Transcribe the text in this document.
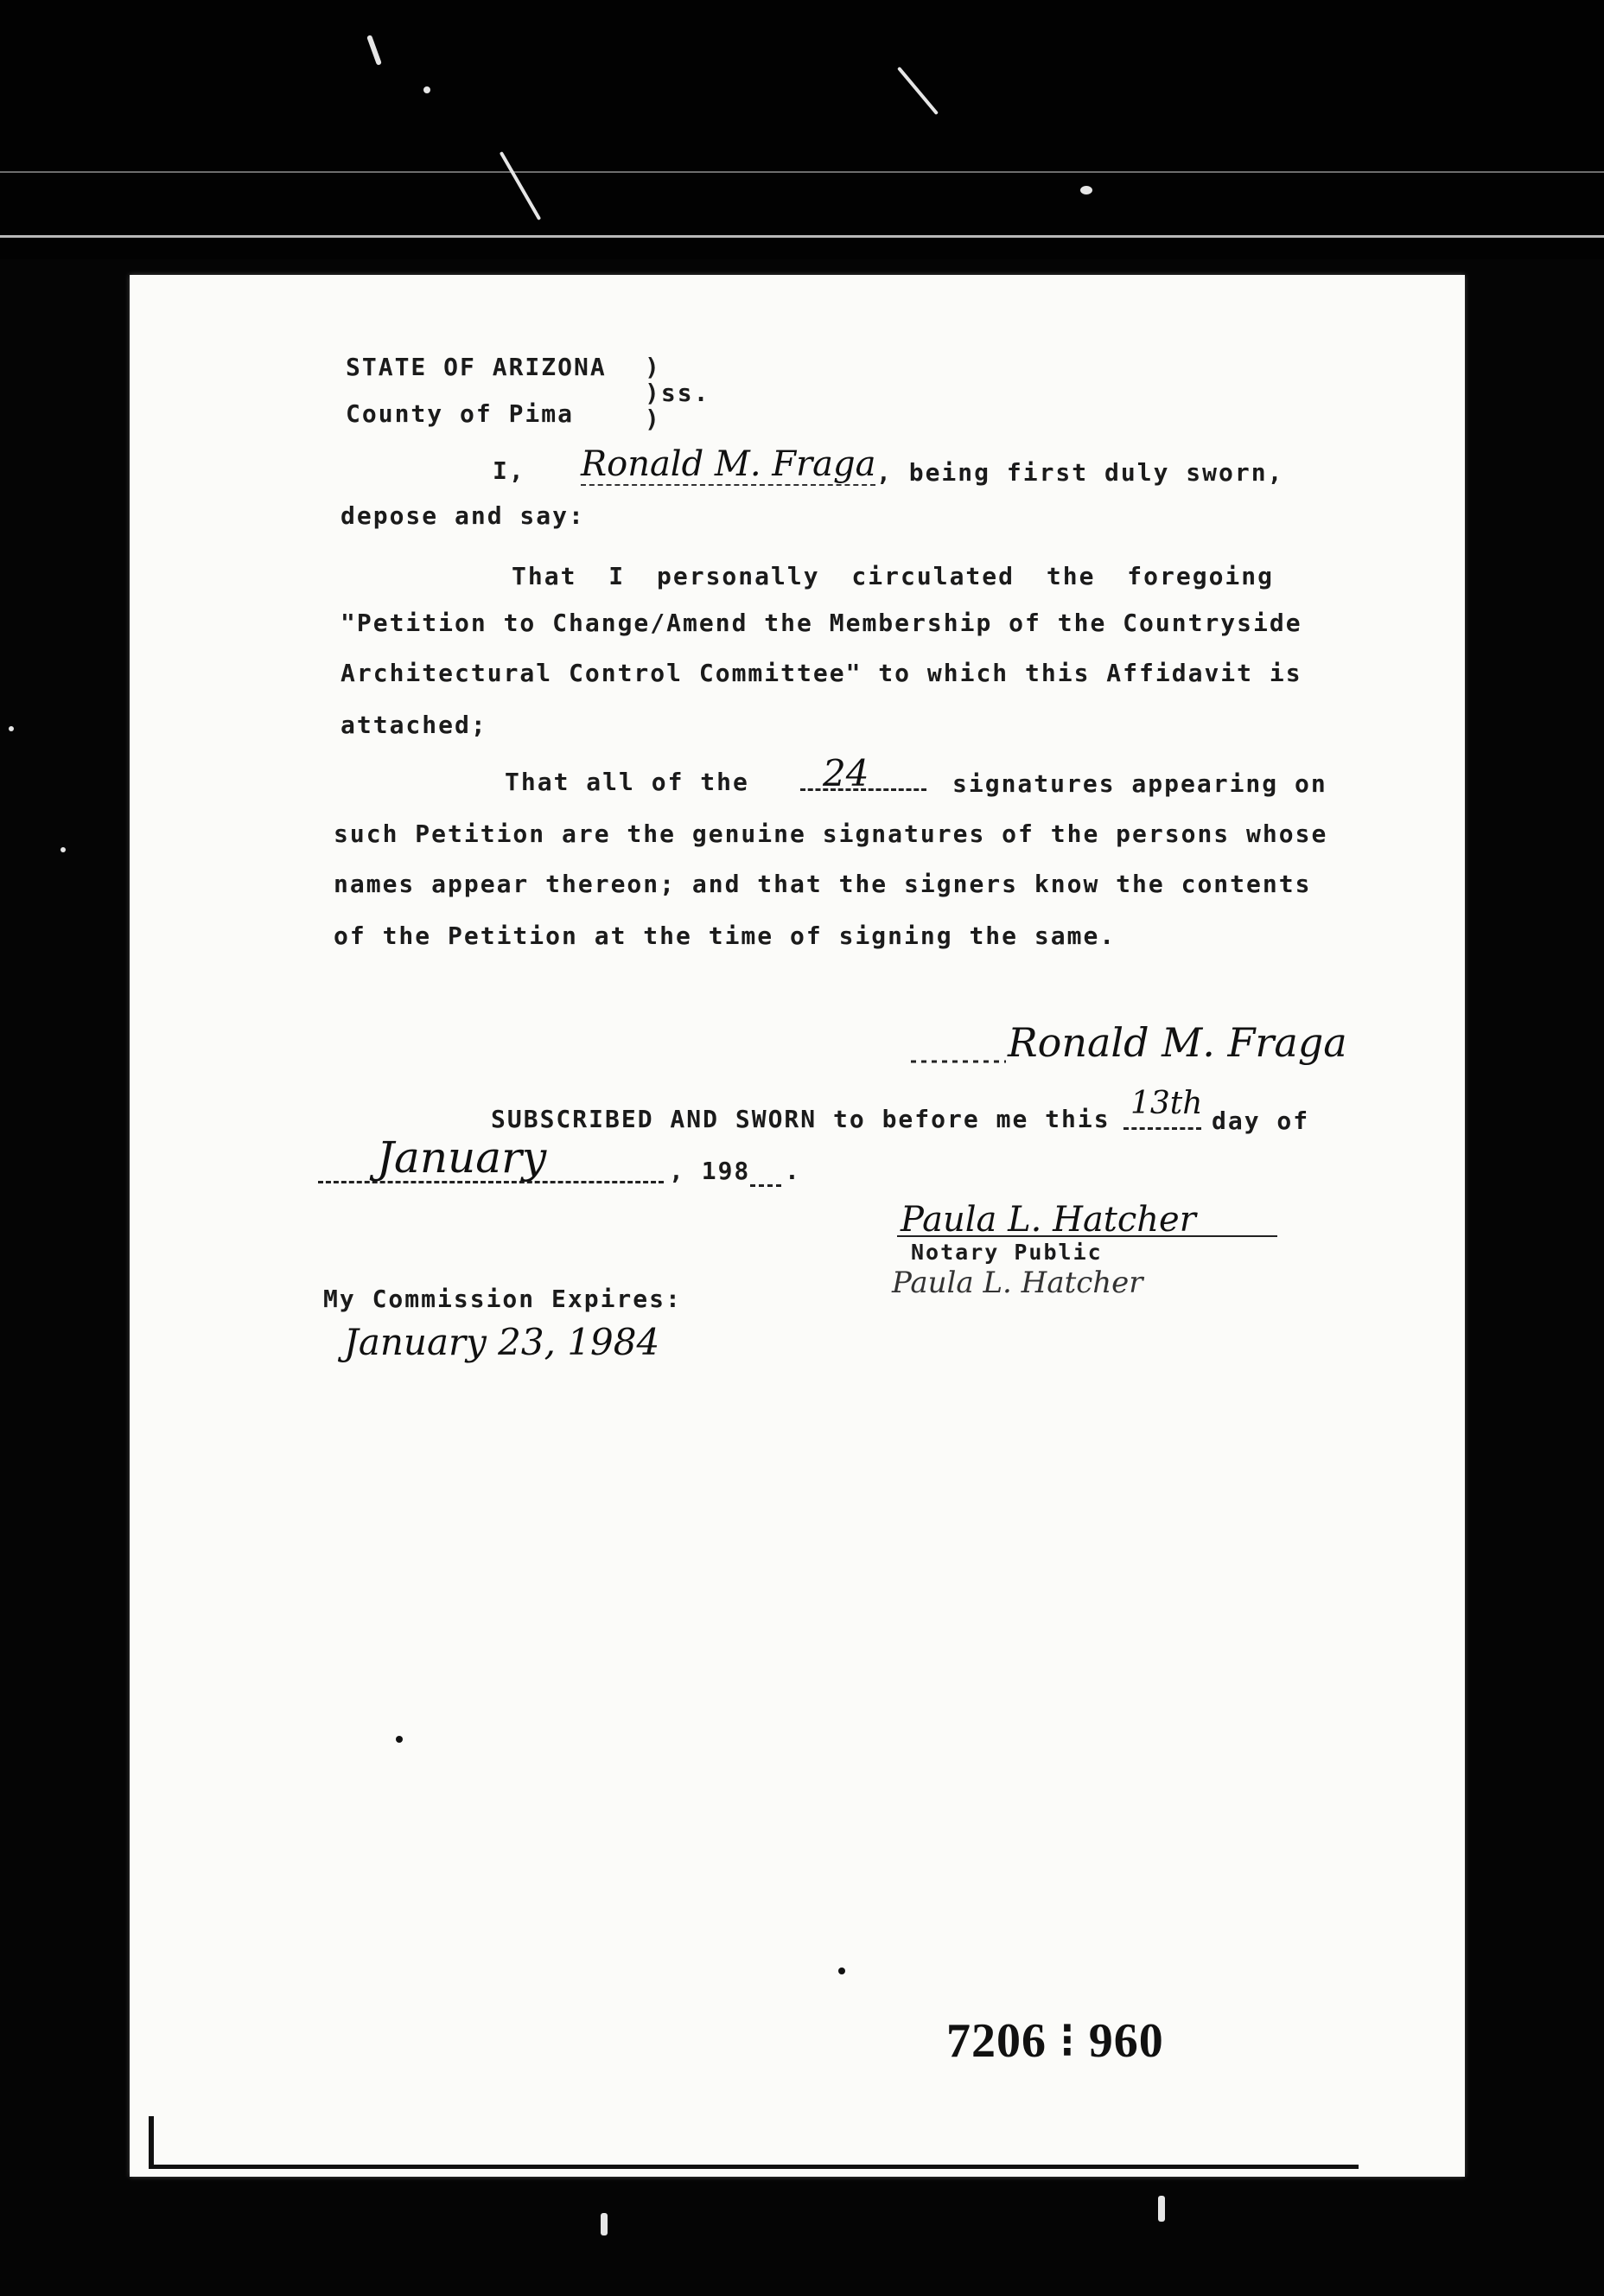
STATE OF ARIZONA )
)ss.
County of Pima	)
I, Ronald M. Fraga , being first duly sworn,
depose and say:
That I personally circulated the foregoing
"Petition to Change/Amend the Membership of the Countryside
Architectural Control Committee" to which this Affidavit is
attached;
That all of the 24	signatures appearing on
such Petition are the genuine signatures of the persons whose
names appear thereon; and that the signers know the contents
of the Petition at the time of signing the same.
Ronald M. Fraga
SUBSCRIBED AND SWORN to before me this 13th day of
January	, 198 .
Paula L. Hatcher
Notary Public
Paula L. Hatcher
My Commission Expires:
January 23, 1984
7206 ⁝ 960
